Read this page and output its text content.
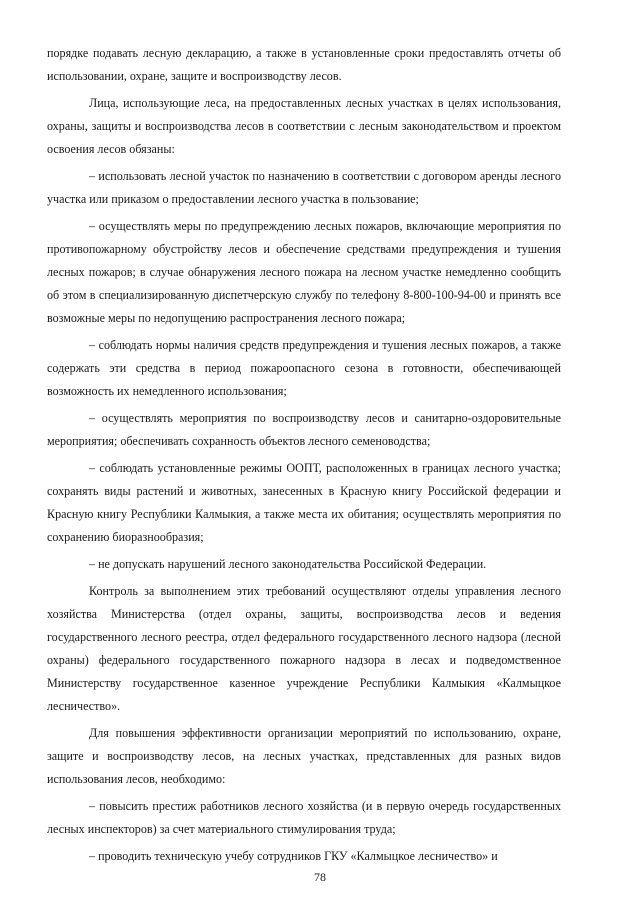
порядке подавать лесную декларацию, а также в установленные сроки предоставлять отчеты об использовании, охране, защите и воспроизводству лесов.

Лица, использующие леса, на предоставленных лесных участках в целях использования, охраны, защиты и воспроизводства лесов в соответствии с лесным законодательством и проектом освоения лесов обязаны:

– использовать лесной участок по назначению в соответствии с договором аренды лесного участка или приказом о предоставлении лесного участка в пользование;

– осуществлять меры по предупреждению лесных пожаров, включающие мероприятия по противопожарному обустройству лесов и обеспечение средствами предупреждения и тушения лесных пожаров; в случае обнаружения лесного пожара на лесном участке немедленно сообщить об этом в специализированную диспетчерскую службу по телефону 8-800-100-94-00 и принять все возможные меры по недопущению распространения лесного пожара;

– соблюдать нормы наличия средств предупреждения и тушения лесных пожаров, а также содержать эти средства в период пожароопасного сезона в готовности, обеспечивающей возможность их немедленного использования;

– осуществлять мероприятия по воспроизводству лесов и санитарно-оздоровительные мероприятия; обеспечивать сохранность объектов лесного семеноводства;

– соблюдать установленные режимы ООПТ, расположенных в границах лесного участка; сохранять виды растений и животных, занесенных в Красную книгу Российской федерации и Красную книгу Республики Калмыкия, а также места их обитания; осуществлять мероприятия по сохранению биоразнообразия;

– не допускать нарушений лесного законодательства Российской Федерации.

Контроль за выполнением этих требований осуществляют отделы управления лесного хозяйства Министерства (отдел охраны, защиты, воспроизводства лесов и ведения государственного лесного реестра, отдел федерального государственного лесного надзора (лесной охраны) федерального государственного пожарного надзора в лесах и подведомственное Министерству государственное казенное учреждение Республики Калмыкия «Калмыцкое лесничество».

Для повышения эффективности организации мероприятий по использованию, охране, защите и воспроизводству лесов, на лесных участках, представленных для разных видов использования лесов, необходимо:

– повысить престиж работников лесного хозяйства (и в первую очередь государственных лесных инспекторов) за счет материального стимулирования труда;

– проводить техническую учебу сотрудников ГКУ «Калмыцкое лесничество» и

78
